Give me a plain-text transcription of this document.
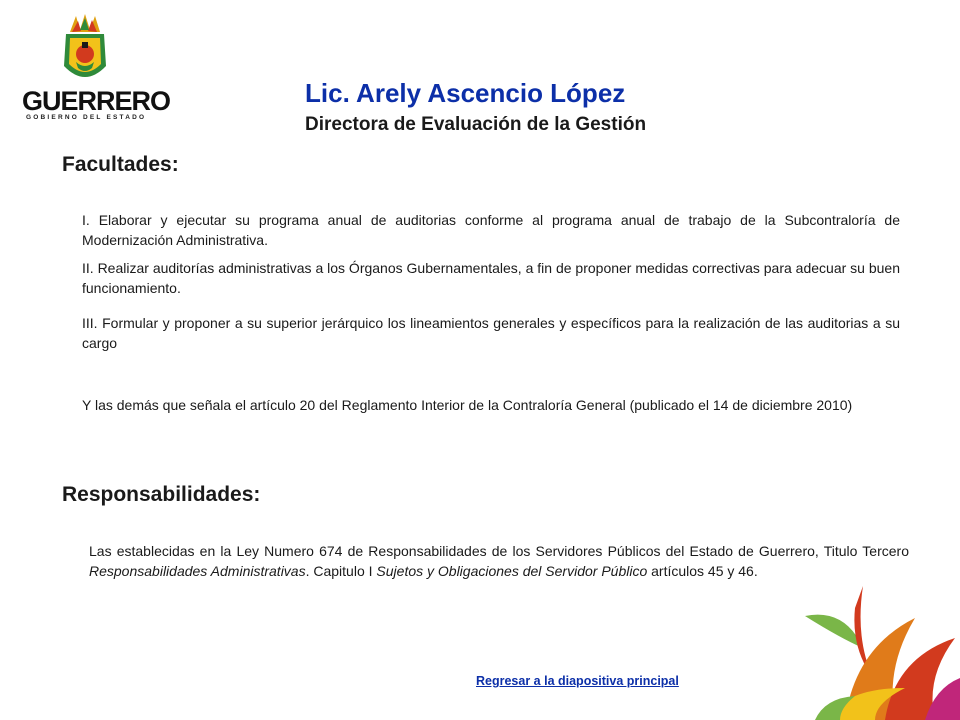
GUERRERO
GOBIERNO DEL ESTADO
Lic. Arely Ascencio López
Directora de Evaluación de la Gestión
Facultades:

I. Elaborar y ejecutar su programa anual de auditorias conforme al programa anual de trabajo de la Subcontraloría de Modernización Administrativa.

II. Realizar auditorías administrativas a los Órganos Gubernamentales, a fin de proponer medidas correctivas para adecuar su buen funcionamiento.

III. Formular y proponer a su superior jerárquico los lineamientos generales y específicos para la realización de las auditorias a su cargo

Y las demás que señala el artículo 20 del Reglamento Interior de la Contraloría General (publicado el 14 de diciembre 2010)

Responsabilidades:

Las establecidas en la Ley Numero 674 de Responsabilidades de los Servidores Públicos del Estado de Guerrero, Titulo Tercero Responsabilidades Administrativas. Capitulo I Sujetos y Obligaciones del Servidor Público artículos 45 y 46.

Regresar a la diapositiva principal
